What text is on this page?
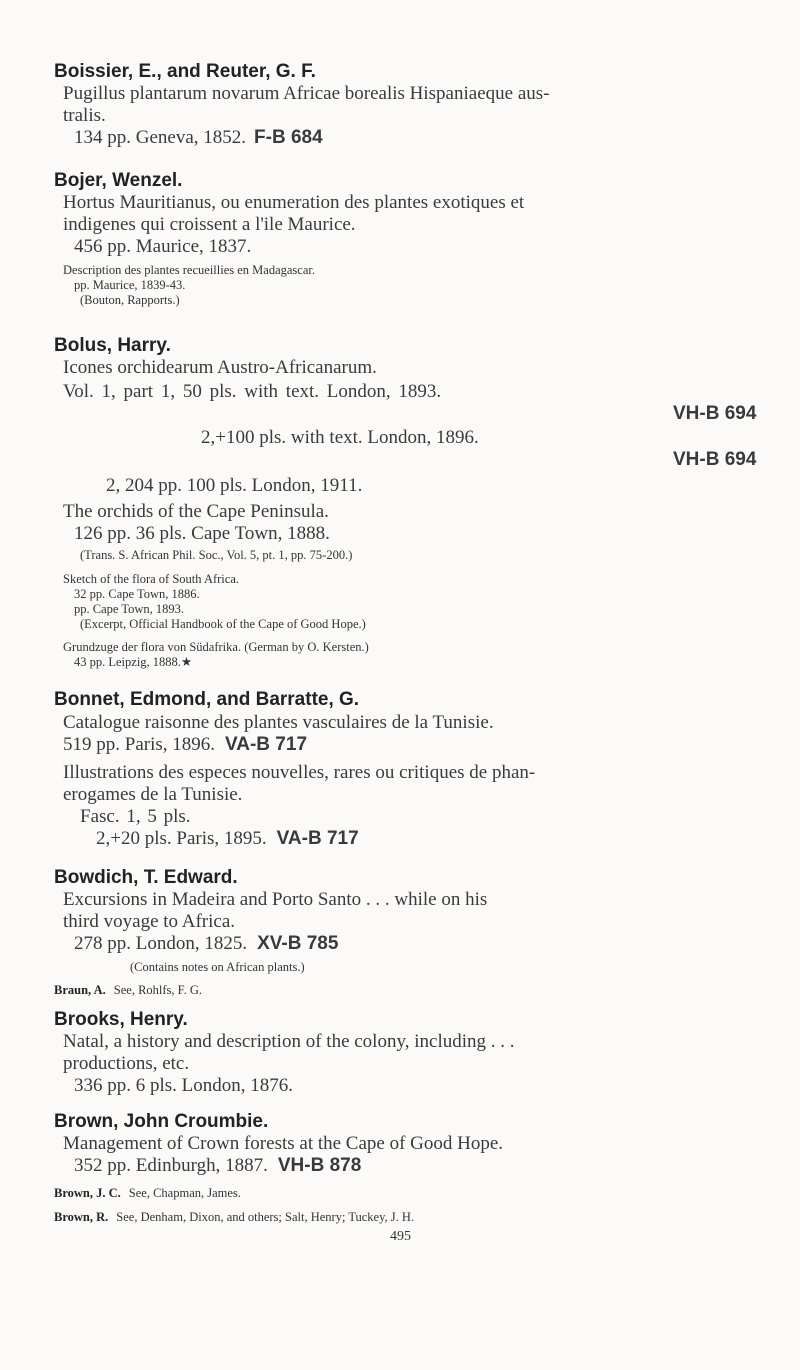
Boissier, E., and Reuter, G. F.
Pugillus plantarum novarum Africae borealis Hispaniaeque aus-
tralis.
134 pp. Geneva, 1852. F-B 684
Bojer, Wenzel.
Hortus Mauritianus, ou enumeration des plantes exotiques et
indigenes qui croissent a l'ile Maurice.
456 pp. Maurice, 1837.
Description des plantes recueillies en Madagascar.
pp. Maurice, 1839-43.
(Bouton, Rapports.)
Bolus, Harry.
Icones orchidearum Austro-Africanarum.
Vol. 1, part 1, 50 pls. with text. London, 1893.
VH-B 694
2,+100 pls. with text. London, 1896.
VH-B 694
2, 204 pp. 100 pls. London, 1911.
The orchids of the Cape Peninsula.
126 pp. 36 pls. Cape Town, 1888.
(Trans. S. African Phil. Soc., Vol. 5, pt. 1, pp. 75-200.)
Sketch of the flora of South Africa.
32 pp. Cape Town, 1886.
pp. Cape Town, 1893.
(Excerpt, Official Handbook of the Cape of Good Hope.)
Grundzuge der flora von Südafrika. (German by O. Kersten.)
43 pp. Leipzig, 1888.★
Bonnet, Edmond, and Barratte, G.
Catalogue raisonne des plantes vasculaires de la Tunisie.
519 pp. Paris, 1896. VA-B 717
Illustrations des especes nouvelles, rares ou critiques de phan-
erogames de la Tunisie.
Fasc. 1, 5 pls.
2,+20 pls. Paris, 1895. VA-B 717
Bowdich, T. Edward.
Excursions in Madeira and Porto Santo . . . while on his
third voyage to Africa.
278 pp. London, 1825. XV-B 785
(Contains notes on African plants.)
Braun, A. See, Rohlfs, F. G.
Brooks, Henry.
Natal, a history and description of the colony, including . . .
productions, etc.
336 pp. 6 pls. London, 1876.
Brown, John Croumbie.
Management of Crown forests at the Cape of Good Hope.
352 pp. Edinburgh, 1887. VH-B 878
Brown, J. C. See, Chapman, James.
Brown, R. See, Denham, Dixon, and others; Salt, Henry; Tuckey, J. H.
495
